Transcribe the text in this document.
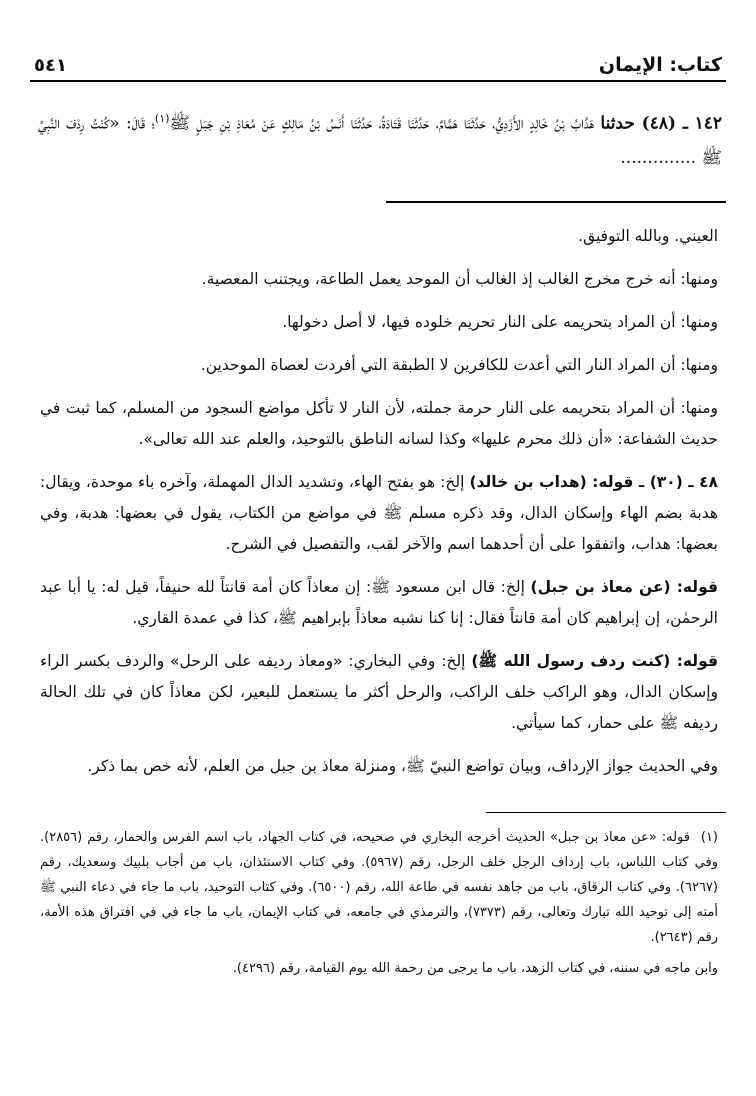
كتاب: الإيمان
٥٤١
١٤٢ ـ (٤٨) حدثنا هَدَّابُ بْنُ خَالِدٍ الأَزْدِيُّ، حَدَّثَنَا هَمَّامٌ، حَدَّثَنَا قَتَادَةُ، حَدَّثَنَا أَنَسُ بْنُ مَالِكٍ عَنْ مُعَاذِ بْنِ جَبَلٍ ﷺ$^{(١)}$؛ قَالَ: «كُنْتُ رِدْفَ النَّبِيِّ ﷺ ..............

العيني. وبالله التوفيق.

ومنها: أنه خرج مخرج الغالب إذ الغالب أن الموحد يعمل الطاعة، ويجتنب المعصية.

ومنها: أن المراد بتحريمه على النار تحريم خلوده فيها، لا أصل دخولها.

ومنها: أن المراد النار التي أعدت للكافرين لا الطبقة التي أفردت لعصاة الموحدين.

ومنها: أن المراد بتحريمه على النار حرمة جملته، لأن النار لا تأكل مواضع السجود من المسلم، كما ثبت في حديث الشفاعة: «أن ذلك محرم عليها» وكذا لسانه الناطق بالتوحيد، والعلم عند الله تعالى».

٤٨ ـ (٣٠) ـ قوله: (هداب بن خالد) إلخ: هو بفتح الهاء، وتشديد الدال المهملة، وآخره باء موحدة، ويقال: هدبة بضم الهاء وإسكان الدال، وقد ذكره مسلم ﷺ في مواضع من الكتاب، يقول في بعضها: هدبة، وفي بعضها: هداب، واتفقوا على أن أحدهما اسم والآخر لقب، والتفصيل في الشرح.

قوله: (عن معاذ بن جبل) إلخ: قال ابن مسعود ﷺ: إن معاذاً كان أمة قانتاً لله حنيفاً، قيل له: يا أبا عبد الرحمٰن، إن إبراهيم كان أمة قانتاً فقال: إنا كنا نشبه معاذاً بإبراهيم ﷺ، كذا في عمدة القاري.

قوله: (كنت ردف رسول الله ﷺ) إلخ: وفي البخاري: «ومعاذ رديفه على الرحل» والردف بكسر الراء وإسكان الدال، وهو الراكب خلف الراكب، والرحل أكثر ما يستعمل للبعير، لكن معاذاً كان في تلك الحالة رديفه ﷺ على حمار، كما سيأتي.

وفي الحديث جواز الإرداف، وبيان تواضع النبيّ ﷺ، ومنزلة معاذ بن جبل من العلم، لأنه خص بما ذكر.

(١)قوله: «عن معاذ بن جبل» الحديث أخرجه البخاري في صحيحه، في كتاب الجهاد، باب اسم الفرس والحمار، رقم (٢٨٥٦). وفي كتاب اللباس، باب إرداف الرجل خلف الرجل، رقم (٥٩٦٧). وفي كتاب الاستئذان، باب من أجاب بلبيك وسعديك، رقم (٦٢٦٧). وفي كتاب الرقاق، باب من جاهد نفسه في طاعة الله، رقم (٦٥٠٠). وفي كتاب التوحيد، باب ما جاء في دعاء النبي ﷺ أمته إلى توحيد الله تبارك وتعالى، رقم (٧٣٧٣)، والترمذي في جامعه، في كتاب الإيمان، باب ما جاء في في افتراق هذه الأمة، رقم (٢٦٤٣).

وابن ماجه في سننه، في كتاب الزهد، باب ما يرجى من رحمة الله يوم القيامة، رقم (٤٢٩٦).
